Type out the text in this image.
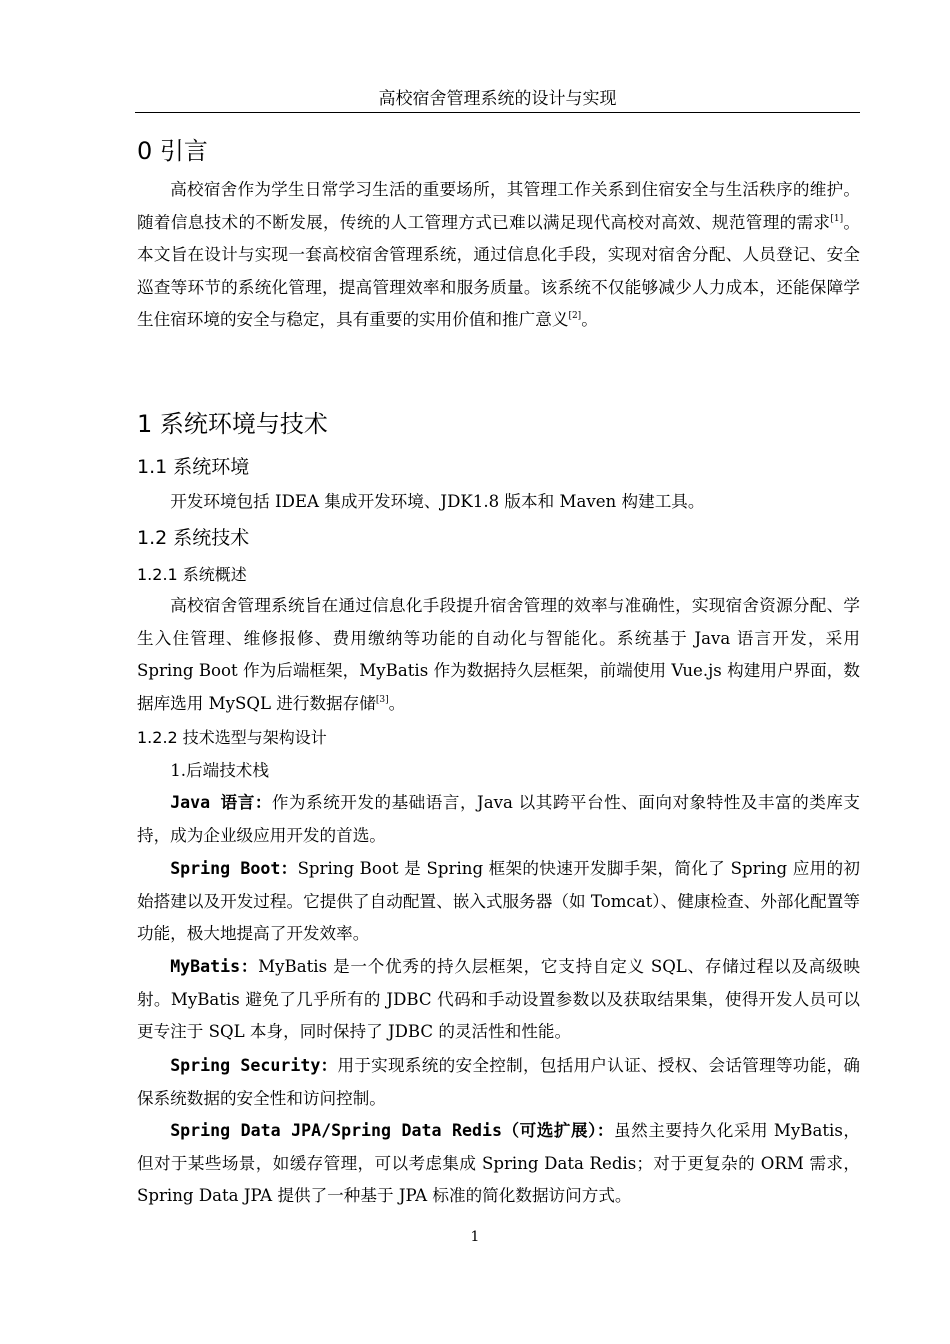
高校宿舍管理系统的设计与实现
0 引言

高校宿舍作为学生日常学习生活的重要场所，其管理工作关系到住宿安全与生活秩序的维护。随着信息技术的不断发展，传统的人工管理方式已难以满足现代高校对高效、规范管理的需求[1]。本文旨在设计与实现一套高校宿舍管理系统，通过信息化手段，实现对宿舍分配、人员登记、安全巡查等环节的系统化管理，提高管理效率和服务质量。该系统不仅能够减少人力成本，还能保障学生住宿环境的安全与稳定，具有重要的实用价值和推广意义[2]。

1 系统环境与技术
1.1 系统环境

开发环境包括 IDEA 集成开发环境、JDK1.8 版本和 Maven 构建工具。

1.2 系统技术
1.2.1 系统概述

高校宿舍管理系统旨在通过信息化手段提升宿舍管理的效率与准确性，实现宿舍资源分配、学生入住管理、维修报修、费用缴纳等功能的自动化与智能化。系统基于 Java 语言开发，采用 Spring Boot 作为后端框架，MyBatis 作为数据持久层框架，前端使用 Vue.js 构建用户界面，数据库选用 MySQL 进行数据存储[3]。

1.2.2 技术选型与架构设计

1.后端技术栈

Java 语言：作为系统开发的基础语言，Java 以其跨平台性、面向对象特性及丰富的类库支持，成为企业级应用开发的首选。

Spring Boot：Spring Boot 是 Spring 框架的快速开发脚手架，简化了 Spring 应用的初始搭建以及开发过程。它提供了自动配置、嵌入式服务器（如 Tomcat）、健康检查、外部化配置等功能，极大地提高了开发效率。

MyBatis：MyBatis 是一个优秀的持久层框架，它支持自定义 SQL、存储过程以及高级映射。MyBatis 避免了几乎所有的 JDBC 代码和手动设置参数以及获取结果集，使得开发人员可以更专注于 SQL 本身，同时保持了 JDBC 的灵活性和性能。

Spring Security：用于实现系统的安全控制，包括用户认证、授权、会话管理等功能，确保系统数据的安全性和访问控制。

Spring Data JPA/Spring Data Redis（可选扩展）：虽然主要持久化采用 MyBatis，但对于某些场景，如缓存管理，可以考虑集成 Spring Data Redis；对于更复杂的 ORM 需求，Spring Data JPA 提供了一种基于 JPA 标准的简化数据访问方式。

1
